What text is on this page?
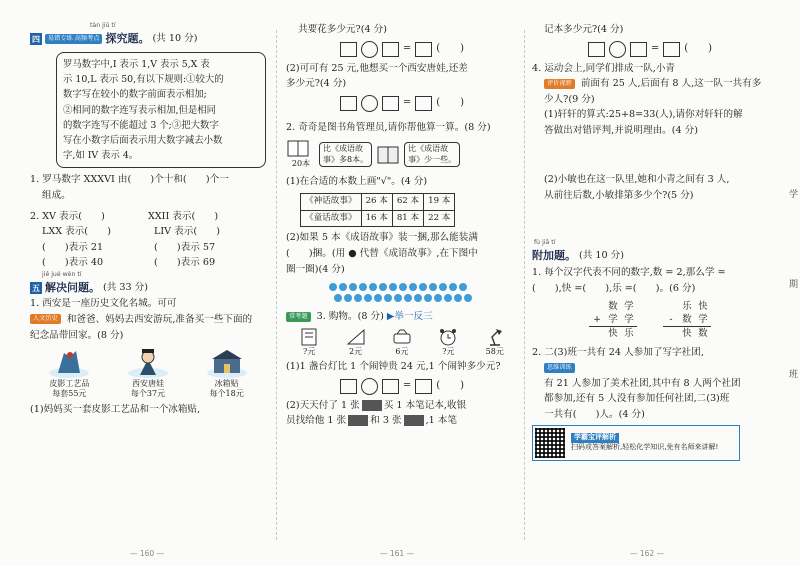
tàn jiū tí
四	易错专练 高频考点 探究题。 (共 10 分)

罗马数字中,I 表示 1,V 表示 5,X 表

示 10,L 表示 50,有以下规则:①较大的

数字写在较小的数字前面表示相加;

②相同的数字连写表示相加,但是相同

的数字连写不能超过 3 个;③把大数字

写在小数字后面表示用大数字减去小数

字,如 IV 表示 4。

1. 罗马数字 XXXVI 由(　　)个十和(　　)个一

组成。

2. XV 表示(　　)	XXII 表示(　　)
LXX 表示(　　)	LIV 表示(　　)
(　　)表示 21	(　　)表示 57
(　　)表示 40	(　　)表示 69
jiě jué wèn tí
五 解决问题。 (共 33 分)

1. 西安是一座历史文化名城。可可

人文历史 和爸爸、妈妈去西安游玩,准备买一些下面的

纪念品带回家。(8 分)

皮影工艺品
每套55元
西安唐娃
每个37元
冰箱贴
每个18元

(1)妈妈买一套皮影工艺品和一个冰箱贴,

— 160 —

共要花多少元?(4 分)

=	(　　)

(2)可可有 25 元,他想买一个西安唐娃,还差

多少元?(4 分)

=	(　　)

2. 奇奇是图书角管理员,请你帮他算一算。(8 分)

20本
比《成语故
事》多8本。
比《成语故
事》少一些。

(1)在合适的本数上画"√"。(4 分)

《神话故事》	26 本	62 本	19 本
《童话故事》	16 本	81 本	22 本

(2)如果 5 本《成语故事》装一捆,那么能装满

(　　)捆。(用 ● 代替《成语故事》,在下图中

圈一圈)(4 分)

常考题 3. 购物。(8 分) ▶举一反三

?元	2元	6元	?元	58元

(1)1 盏台灯比 1 个闹钟贵 24 元,1 个闹钟多少元?

=	(　　)

(2)天天付了 1 张	买 1 本笔记本,收银

员找给他 1 张	和 3 张	,1 本笔

— 161 —

记本多少元?(4 分)

=	(　　)

4. 运动会上,同学们排成一队,小青

评价视野 前面有 25 人,后面有 8 人,这一队一共有多

少人?(9 分)

(1)轩轩的算式:25+8=33(人),请你对轩轩的解

答做出对错评判,并说明理由。(4 分)

(2)小敏也在这一队里,她和小青之间有 3 人,

从前往后数,小敏排第多少个?(5 分)

fù jiā tí
附加题。 (共 10 分)

1. 每个汉字代表不同的数字,数 = 2,那么学 =

(　　),快 =(　　),乐 =(　　)。(6 分)

	数	学
+	学	学
	快	乐
	乐	快
-	数	学
	快	数

2. 二(3)班一共有 24 人参加了写字社团,

思维训练

有 21 人参加了美术社团,其中有 8 人两个社团

都参加,还有 5 人没有参加任何社团,二(3)班

一共有(　　)人。(4 分)

学霸宝评解析
扫码或答案解析,轻松化学知识,免有名师来讲解!
— 162 —
学
期
班
